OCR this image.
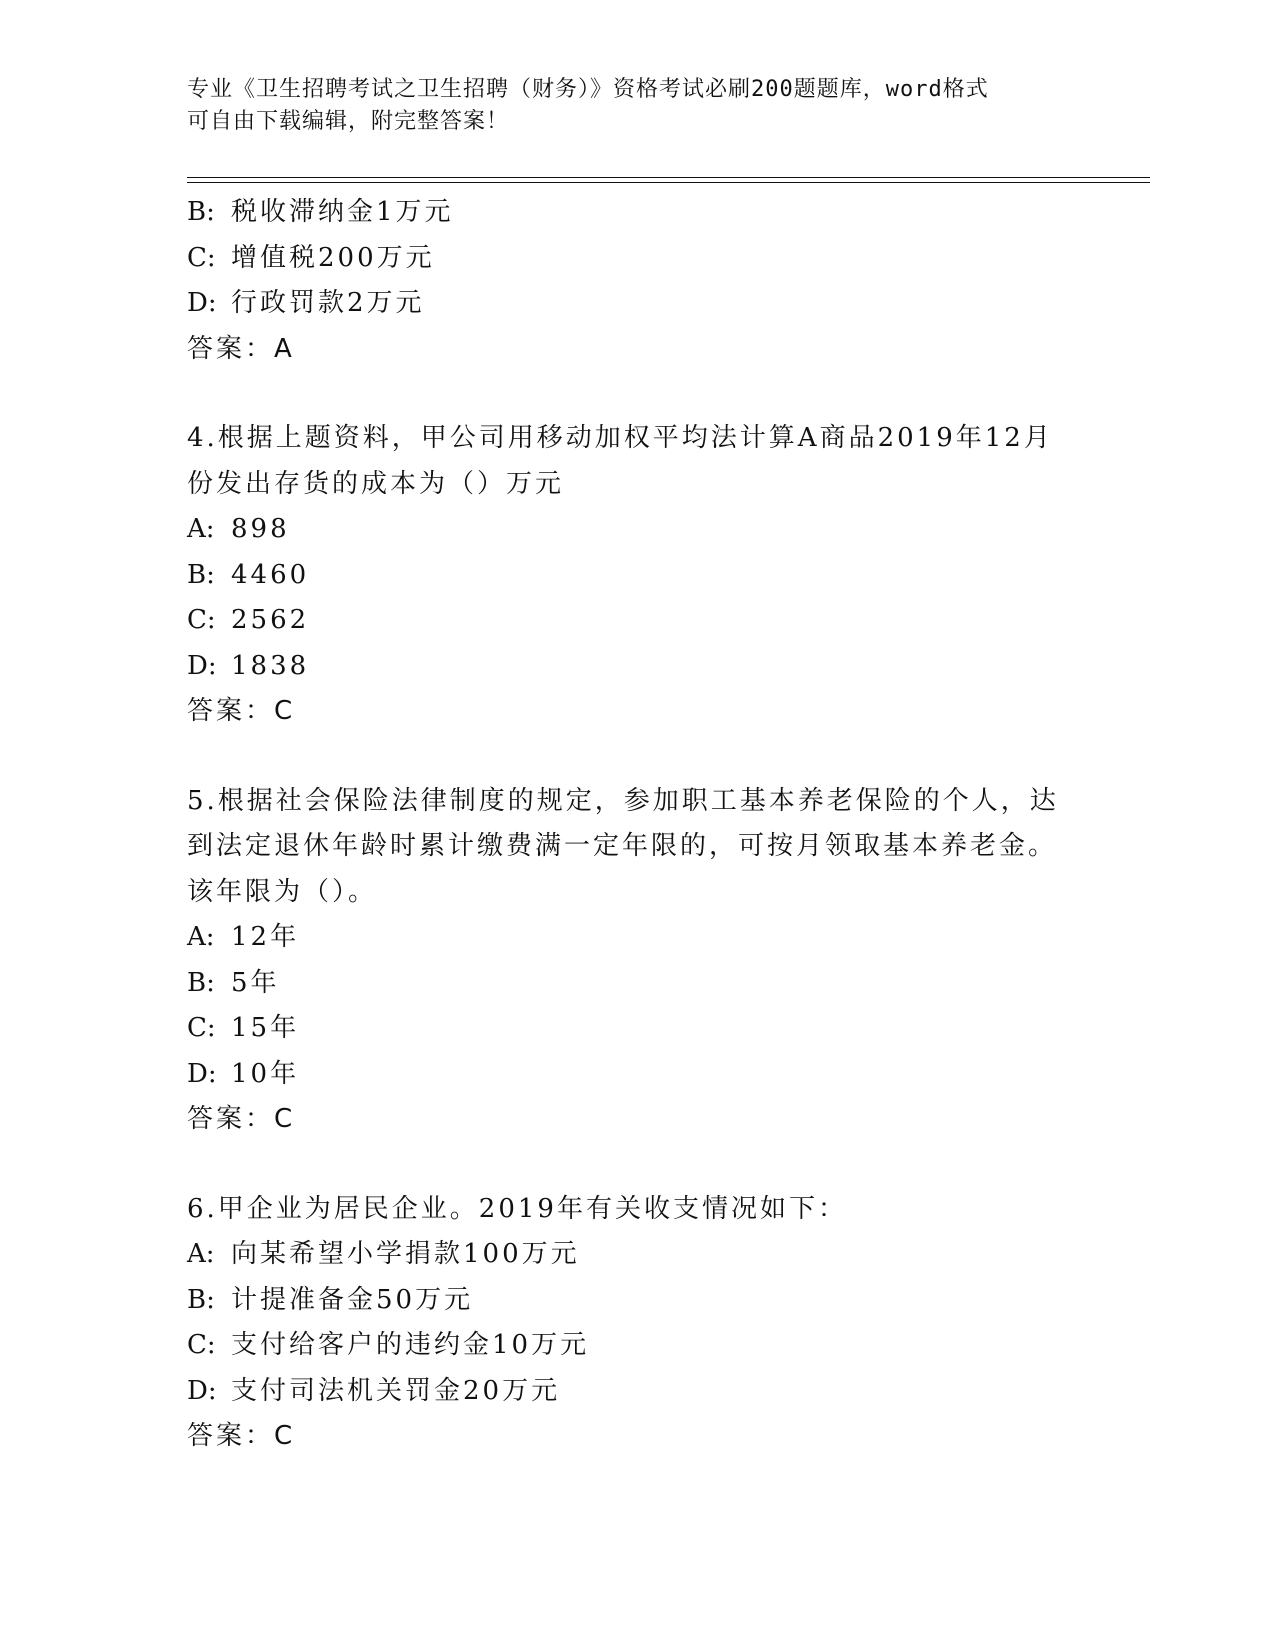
专业《卫生招聘考试之卫生招聘（财务）》资格考试必刷200题题库，word格式
可自由下载编辑，附完整答案！
B: 税收滞纳金1万元
C: 增值税200万元
D: 行政罚款2万元
答案：A
4.根据上题资料，甲公司用移动加权平均法计算A商品2019年12月
份发出存货的成本为（）万元
A: 898
B: 4460
C: 2562
D: 1838
答案：C
5.根据社会保险法律制度的规定，参加职工基本养老保险的个人，达
到法定退休年龄时累计缴费满一定年限的，可按月领取基本养老金。
该年限为（）。
A: 12年
B: 5年
C: 15年
D: 10年
答案：C
6.甲企业为居民企业。2019年有关收支情况如下：
A: 向某希望小学捐款100万元
B: 计提准备金50万元
C: 支付给客户的违约金10万元
D: 支付司法机关罚金20万元
答案：C
